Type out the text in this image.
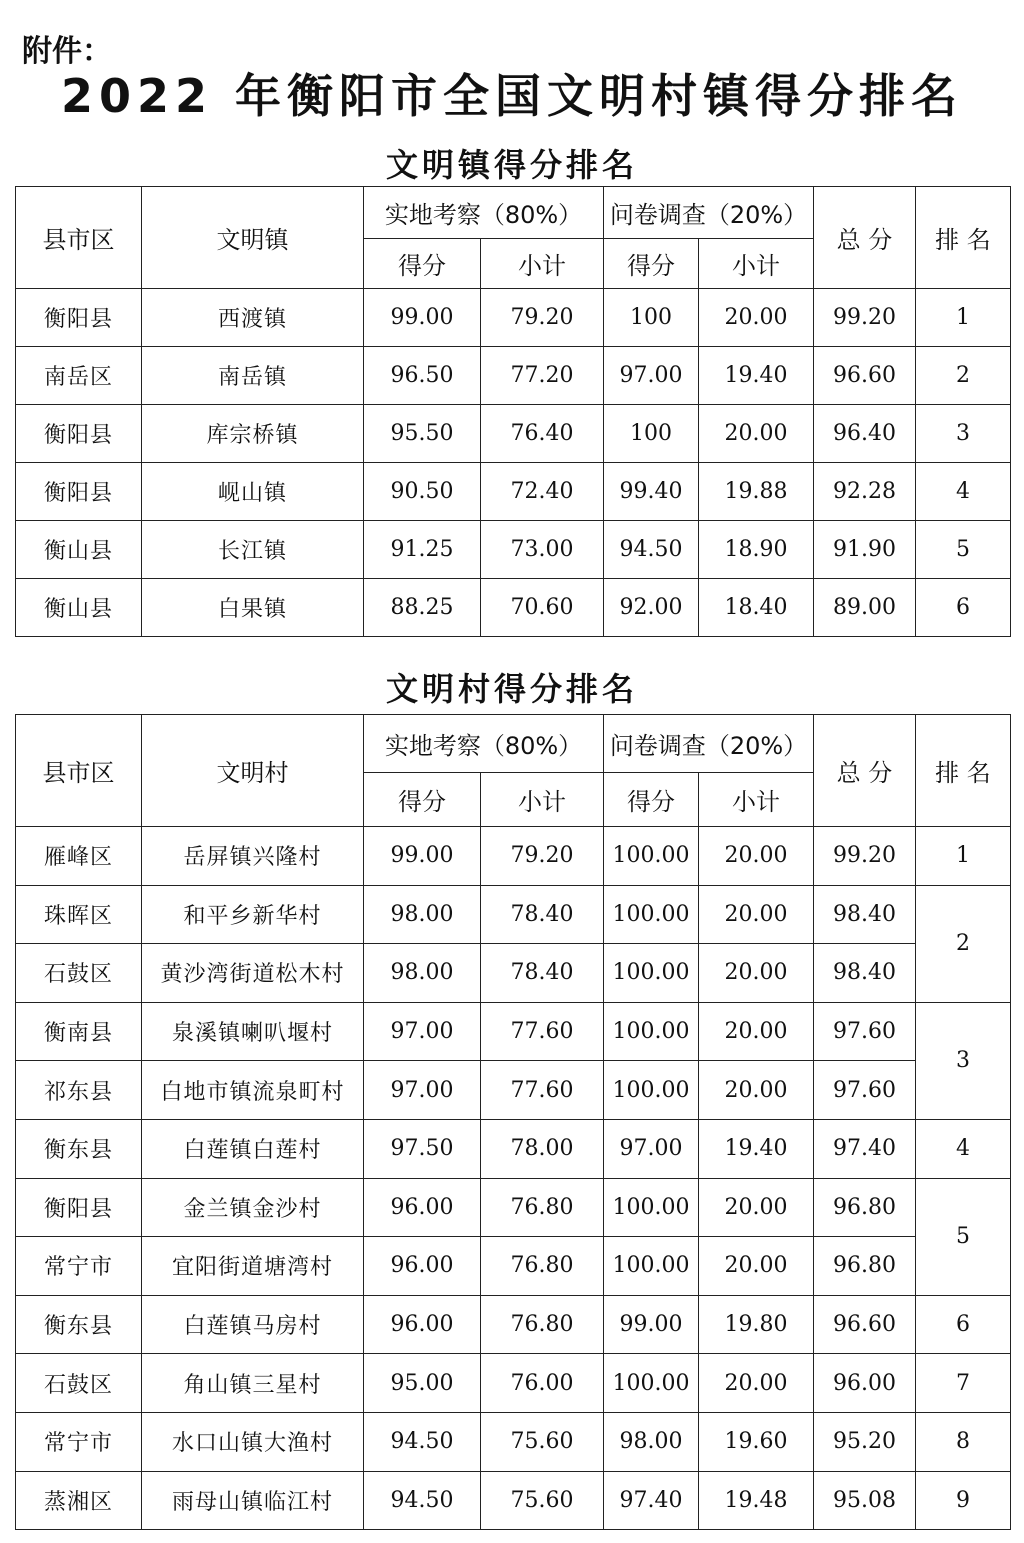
附件：
2022 年衡阳市全国文明村镇得分排名
文明镇得分排名
县市区	文明镇	实地考察（80%）		问卷调查（20%）		总 分	排 名
		得分	小计	得分	小计		
衡阳县	西渡镇	99.00	79.20	100	20.00	99.20	1
南岳区	南岳镇	96.50	77.20	97.00	19.40	96.60	2
衡阳县	库宗桥镇	95.50	76.40	100	20.00	96.40	3
衡阳县	岘山镇	90.50	72.40	99.40	19.88	92.28	4
衡山县	长江镇	91.25	73.00	94.50	18.90	91.90	5
衡山县	白果镇	88.25	70.60	92.00	18.40	89.00	6
文明村得分排名
县市区	文明村	实地考察（80%）		问卷调查（20%）		总 分	排 名
		得分	小计	得分	小计		
雁峰区	岳屏镇兴隆村	99.00	79.20	100.00	20.00	99.20	1
珠晖区	和平乡新华村	98.00	78.40	100.00	20.00	98.40	2
石鼓区	黄沙湾街道松木村	98.00	78.40	100.00	20.00	98.40	
衡南县	泉溪镇喇叭堰村	97.00	77.60	100.00	20.00	97.60	3
祁东县	白地市镇流泉町村	97.00	77.60	100.00	20.00	97.60	
衡东县	白莲镇白莲村	97.50	78.00	97.00	19.40	97.40	4
衡阳县	金兰镇金沙村	96.00	76.80	100.00	20.00	96.80	5
常宁市	宜阳街道塘湾村	96.00	76.80	100.00	20.00	96.80	
衡东县	白莲镇马房村	96.00	76.80	99.00	19.80	96.60	6
石鼓区	角山镇三星村	95.00	76.00	100.00	20.00	96.00	7
常宁市	水口山镇大渔村	94.50	75.60	98.00	19.60	95.20	8
蒸湘区	雨母山镇临江村	94.50	75.60	97.40	19.48	95.08	9
